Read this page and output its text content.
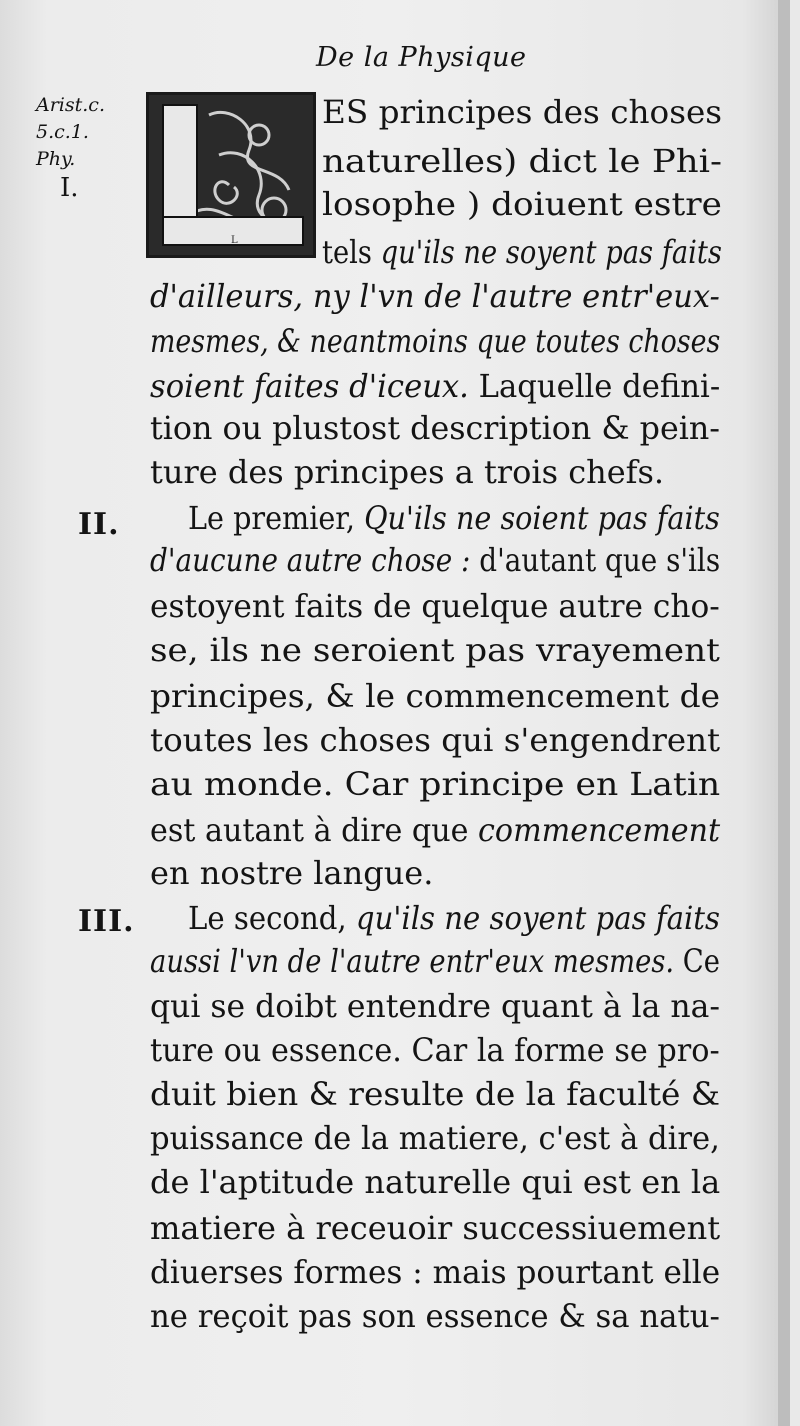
De la Physique
Arist.c.
5.c.1.
Phy.
I.
L
II.
III.
ES principes des choses
naturelles) dict le Phi-
losophe ) doiuent estre
tels qu'ils ne soyent pas faits
d'ailleurs, ny l'vn de l'autre entr'eux-
mesmes, & neantmoins que toutes choses
soient faites d'iceux. Laquelle defini-
tion ou plustost description & pein-
ture des principes a trois chefs.
Le premier, Qu'ils ne soient pas faits
d'aucune autre chose : d'autant que s'ils
estoyent faits de quelque autre cho-
se, ils ne seroient pas vrayement
principes, & le commencement de
toutes les choses qui s'engendrent
au monde. Car principe en Latin
est autant à dire que commencement
en nostre langue.
Le second, qu'ils ne soyent pas faits
aussi l'vn de l'autre entr'eux mesmes. Ce
qui se doibt entendre quant à la na-
ture ou essence. Car la forme se pro-
duit bien & resulte de la faculté &
puissance de la matiere, c'est à dire,
de l'aptitude naturelle qui est en la
matiere à receuoir successiuement
diuerses formes : mais pourtant elle
ne reçoit pas son essence & sa natu-
